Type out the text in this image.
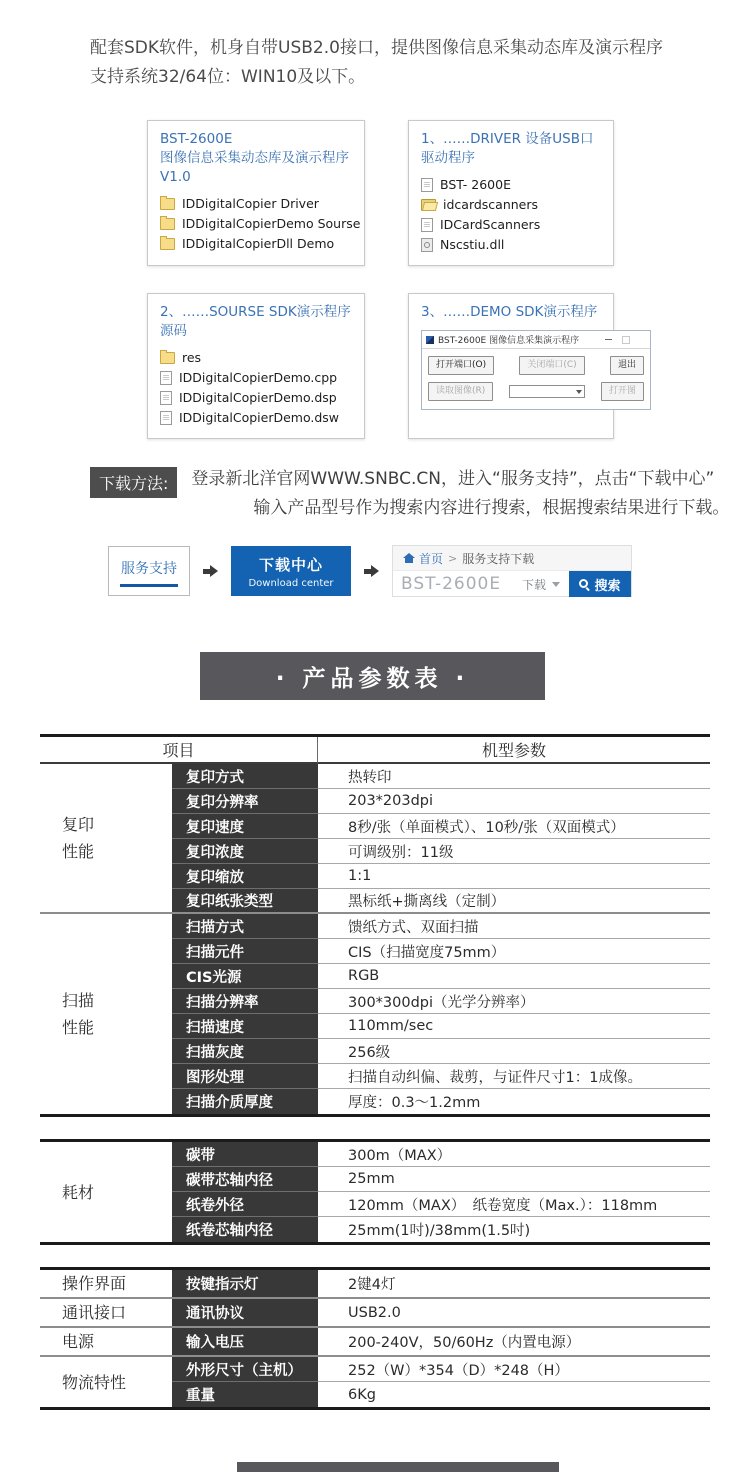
配套SDK软件，机身自带USB2.0接口，提供图像信息采集动态库及演示程序
支持系统32/64位：WIN10及以下。
BST-2600E
图像信息采集动态库及演示程序 V1.0
IDDigitalCopier Driver
IDDigitalCopierDemo Sourse
IDDigitalCopierDll Demo
1、……DRIVER 设备USB口驱动程序
BST- 2600E
idcardscanners
IDCardScanners
Nscstiu.dll
2、……SOURSE SDK演示程序源码
res
IDDigitalCopierDemo.cpp
IDDigitalCopierDemo.dsp
IDDigitalCopierDemo.dsw
3、……DEMO SDK演示程序
BST-2600E 图像信息采集演示程序
打开端口(O)	关闭端口(C)	退出
读取图像(R)	打开图
下载方法:	登录新北洋官网WWW.SNBC.CN，进入“服务支持”，点击“下载中心”
输入产品型号作为搜索内容进行搜索，根据搜索结果进行下载。
服务支持	下载中心
Download center
首页 > 服务支持下载
BST-2600E	下载	搜索
· 产品参数表 ·
项目	机型参数
复印
性能
复印方式	热转印
复印分辨率	203*203dpi
复印速度	8秒/张（单面模式）、10秒/张（双面模式）
复印浓度	可调级别：11级
复印缩放	1:1
复印纸张类型	黑标纸+撕离线（定制）
扫描
性能
扫描方式	馈纸方式、双面扫描
扫描元件	CIS（扫描宽度75mm）
CIS光源	RGB
扫描分辨率	300*300dpi（光学分辨率）
扫描速度	110mm/sec
扫描灰度	256级
图形处理	扫描自动纠偏、裁剪，与证件尺寸1：1成像。
扫描介质厚度	厚度：0.3～1.2mm
耗材
碳带	300m（MAX）
碳带芯轴内径	25mm
纸卷外径	120mm（MAX）　纸卷宽度（Max.）：118mm
纸卷芯轴内径	25mm(1吋)/38mm(1.5吋)
操作界面	按键指示灯	2键4灯
通讯接口	通讯协议	USB2.0
电源	输入电压	200-240V，50/60Hz（内置电源）
物流特性
外形尺寸（主机）	252（W）*354（D）*248（H）
重量	6Kg
